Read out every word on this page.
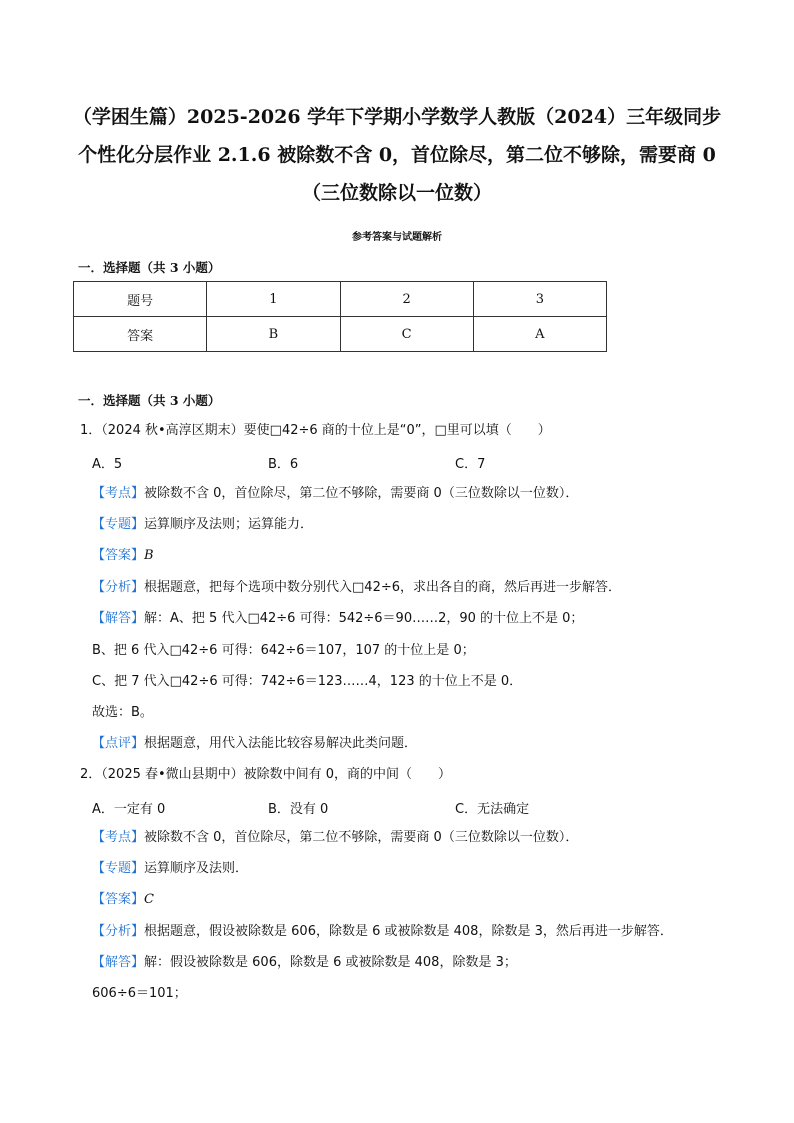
（学困生篇）2025-2026 学年下学期小学数学人教版（2024）三年级同步
个性化分层作业 2.1.6 被除数不含 0，首位除尽，第二位不够除，需要商 0
（三位数除以一位数）
参考答案与试题解析
一．选择题（共 3 小题）
题号	1	2	3
答案	B	C	A
一．选择题（共 3 小题）
1．（2024 秋•高淳区期末）要使□42÷6 商的十位上是“0”，□里可以填（　　）
A．5	B．6	C．7
【考点】被除数不含 0，首位除尽，第二位不够除，需要商 0（三位数除以一位数）．
【专题】运算顺序及法则；运算能力．
【答案】B
【分析】根据题意，把每个选项中数分别代入□42÷6，求出各自的商，然后再进一步解答．
【解答】解：A、把 5 代入□42÷6 可得：542÷6＝90……2，90 的十位上不是 0；
B、把 6 代入□42÷6 可得：642÷6＝107，107 的十位上是 0；
C、把 7 代入□42÷6 可得：742÷6＝123……4，123 的十位上不是 0．
故选：B。
【点评】根据题意，用代入法能比较容易解决此类问题．
2．（2025 春•微山县期中）被除数中间有 0，商的中间（　　）
A．一定有 0	B．没有 0	C．无法确定
【考点】被除数不含 0，首位除尽，第二位不够除，需要商 0（三位数除以一位数）．
【专题】运算顺序及法则．
【答案】C
【分析】根据题意，假设被除数是 606，除数是 6 或被除数是 408，除数是 3，然后再进一步解答．
【解答】解：假设被除数是 606，除数是 6 或被除数是 408，除数是 3；
606÷6＝101；
